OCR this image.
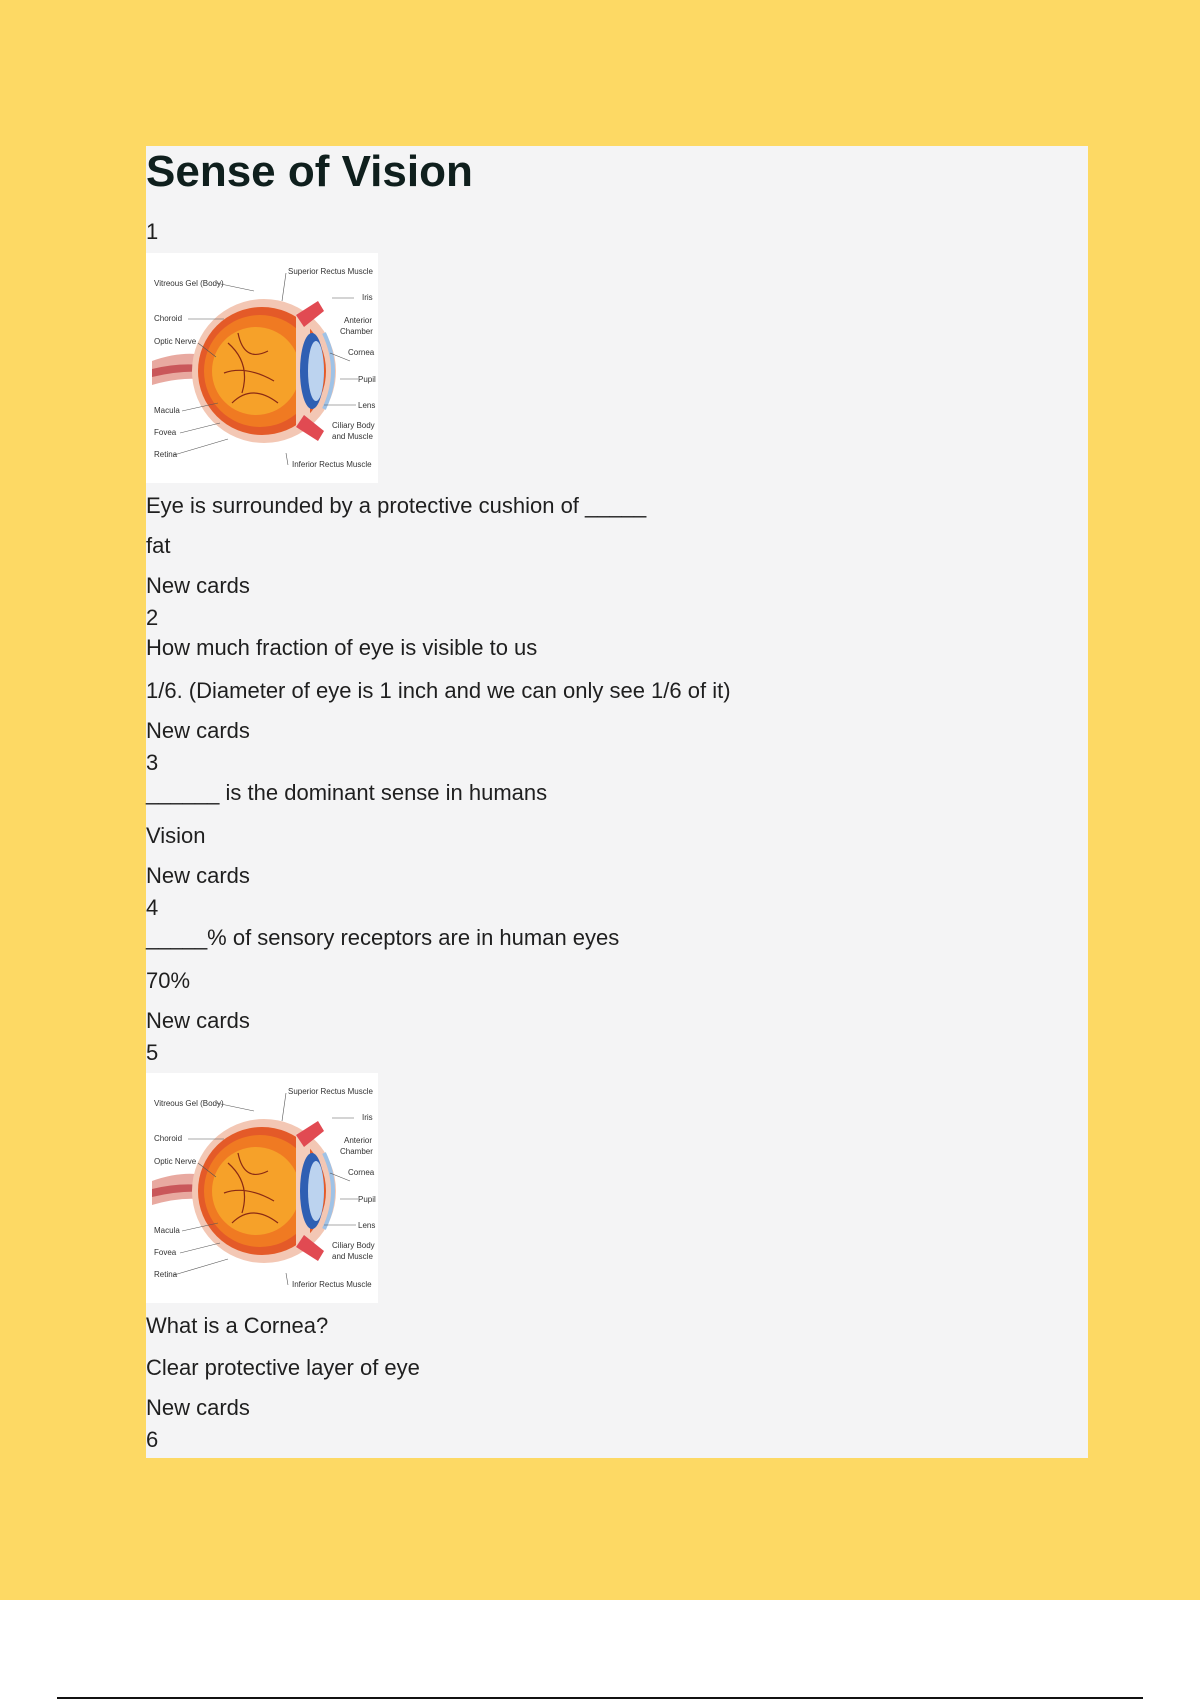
Sense of Vision
1
Vitreous Gel (Body)
Choroid
Optic Nerve
Macula
Fovea
Retina
Superior Rectus Muscle
Iris
Anterior
Chamber
Cornea
Pupil
Lens
Ciliary Body
and Muscle
Inferior Rectus Muscle
Eye is surrounded by a protective cushion of _____
fat
New cards
2
How much fraction of eye is visible to us
1/6. (Diameter of eye is 1 inch and we can only see 1/6 of it)
New cards
3
______ is the dominant sense in humans
Vision
New cards
4
_____% of sensory receptors are in human eyes
70%
New cards
5
Vitreous Gel (Body)
Choroid
Optic Nerve
Macula
Fovea
Retina
Superior Rectus Muscle
Iris
Anterior
Chamber
Cornea
Pupil
Lens
Ciliary Body
and Muscle
Inferior Rectus Muscle
What is a Cornea?
Clear protective layer of eye
New cards
6
